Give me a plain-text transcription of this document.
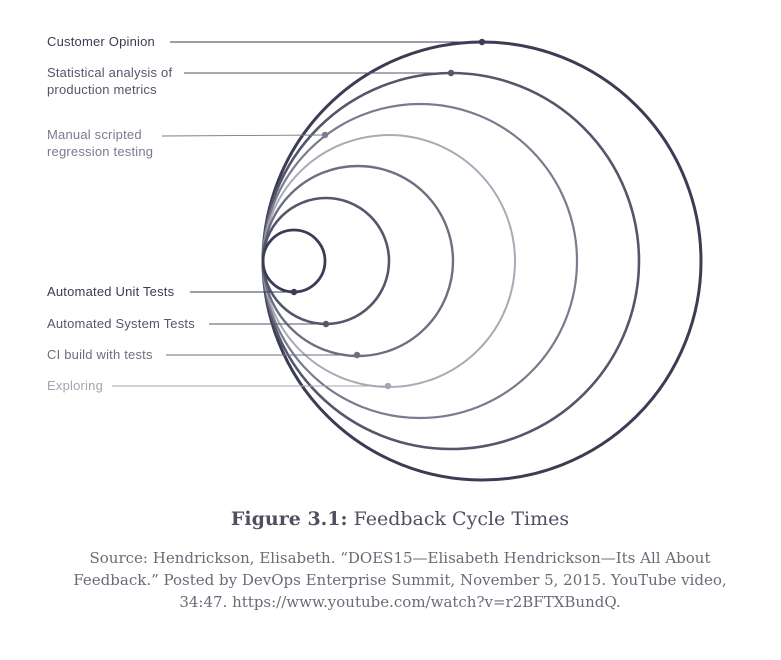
Customer Opinion
Statistical analysis of
production metrics
Manual scripted
regression testing
Exploring
CI build with tests
Automated System Tests
Automated Unit Tests
Figure 3.1: Feedback Cycle Times
Source: Hendrickson, Elisabeth. “DOES15—Elisabeth Hendrickson—Its All About Feedback.” Posted by DevOps Enterprise Summit, November 5, 2015. YouTube video, 34:47. https://www.youtube.com/watch?v=r2BFTXBundQ.
